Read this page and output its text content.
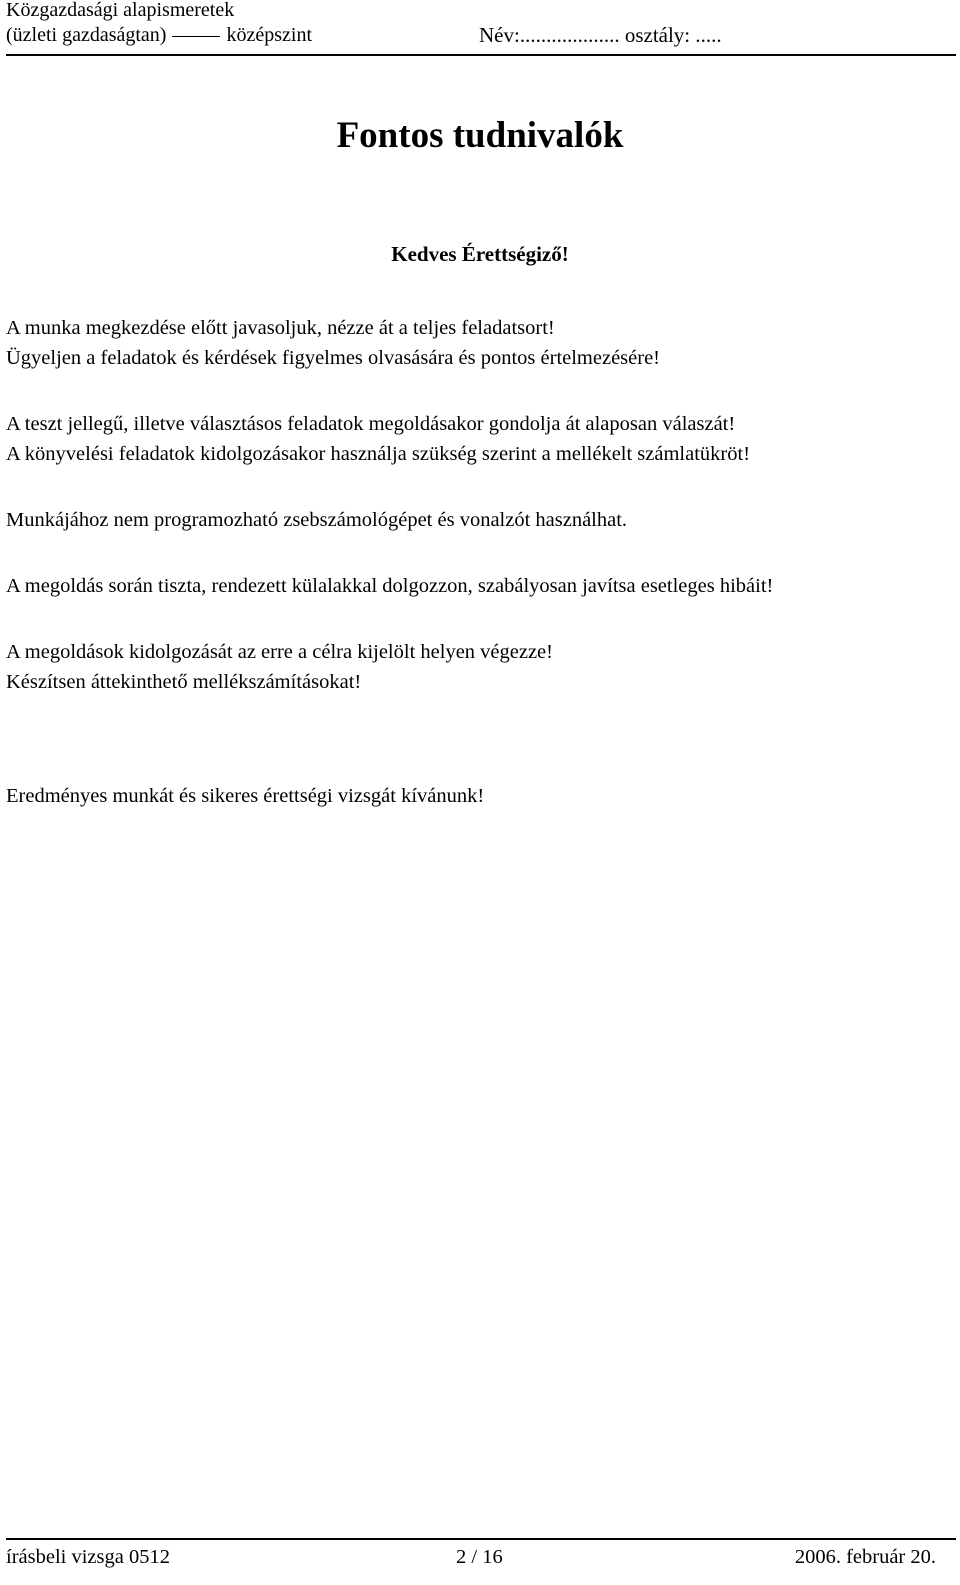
Közgazdasági alapismeretek
(üzleti gazdaságtan)	középszint	Név:................... osztály: .....
Fontos tudnivalók
Kedves Érettségiző!
A munka megkezdése előtt javasoljuk, nézze át a teljes feladatsort!
Ügyeljen a feladatok és kérdések figyelmes olvasására és pontos értelmezésére!
A teszt jellegű, illetve választásos feladatok megoldásakor gondolja át alaposan válaszát!
A könyvelési feladatok kidolgozásakor használja szükség szerint a mellékelt számlatükröt!
Munkájához nem programozható zsebszámológépet és vonalzót használhat.
A megoldás során tiszta, rendezett külalakkal dolgozzon, szabályosan javítsa esetleges hibáit!
A megoldások kidolgozását az erre a célra kijelölt helyen végezze!
Készítsen áttekinthető mellékszámításokat!
Eredményes munkát és sikeres érettségi vizsgát kívánunk!
írásbeli vizsga 0512	2 / 16	2006. február 20.
